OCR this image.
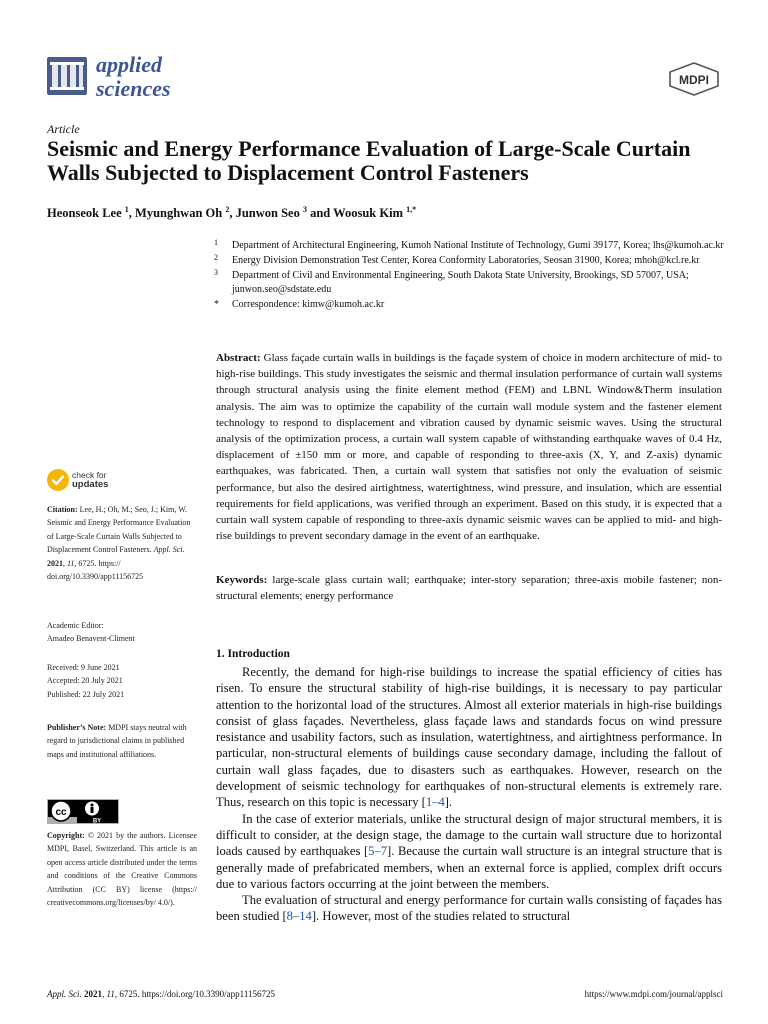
applied
sciences	MDPI
Article
Seismic and Energy Performance Evaluation of Large-Scale Curtain Walls Subjected to Displacement Control Fasteners
Heonseok Lee $^1$, Myunghwan Oh $^2$, Junwon Seo $^3$ and Woosuk Kim $^{1,*}$
1 Department of Architectural Engineering, Kumoh National Institute of Technology, Gumi 39177, Korea; lhs@kumoh.ac.kr
2 Energy Division Demonstration Test Center, Korea Conformity Laboratories, Seosan 31900, Korea; mhoh@kcl.re.kr
3 Department of Civil and Environmental Engineering, South Dakota State University, Brookings, SD 57007, USA; junwon.seo@sdstate.edu
* Correspondence: kimw@kumoh.ac.kr
Abstract: Glass façade curtain walls in buildings is the façade system of choice in modern architecture of mid- to high-rise buildings. This study investigates the seismic and thermal insulation performance of curtain wall systems through structural analysis using the finite element method (FEM) and LBNL Window&Therm insulation analysis. The aim was to optimize the capability of the curtain wall module system and the fastener element technology to respond to displacement and vibration caused by dynamic seismic waves. Using the structural analysis of the optimization process, a curtain wall system capable of withstanding earthquake waves of 0.4 Hz, displacement of ±150 mm or more, and capable of responding to three-axis (X, Y, and Z-axis) dynamic earthquakes, was fabricated. Then, a curtain wall system that satisfies not only the evaluation of seismic performance, but also the desired airtightness, watertightness, wind pressure, and insulation, which are essential requirements for field applications, was verified through an experiment. Based on this study, it is expected that a curtain wall system capable of responding to three-axis dynamic seismic waves can be applied to mid- and high-rise buildings to prevent secondary damage in the event of an earthquake.
Keywords: large-scale glass curtain wall; earthquake; inter-story separation; three-axis mobile fastener; non-structural elements; energy performance
check for
updates
Citation: Lee, H.; Oh, M.; Seo, J.; Kim, W. Seismic and Energy Performance Evaluation of Large-Scale Curtain Walls Subjected to Displacement Control Fasteners. Appl. Sci. 2021, 11, 6725. https:// doi.org/10.3390/app11156725
Academic Editor:
Amadeo Benavent-Climent
Received: 9 June 2021
Accepted: 20 July 2021
Published: 22 July 2021
Publisher’s Note: MDPI stays neutral with regard to jurisdictional claims in published maps and institutional affiliations.
cc
BY
Copyright: © 2021 by the authors. Licensee MDPI, Basel, Switzerland. This article is an open access article distributed under the terms and conditions of the Creative Commons Attribution (CC BY) license (https:// creativecommons.org/licenses/by/ 4.0/).
1. Introduction

Recently, the demand for high-rise buildings to increase the spatial efficiency of cities has risen. To ensure the structural stability of high-rise buildings, it is necessary to pay particular attention to the horizontal load of the structures. Almost all exterior materials in high-rise buildings consist of glass façades. Nevertheless, glass façade laws and standards focus on wind pressure resistance and usability factors, such as insulation, watertightness, and airtightness performance. In particular, non-structural elements of buildings cause secondary damage, including the fallout of curtain wall glass façades, due to disasters such as earthquakes. However, research on the development of seismic technology for earthquakes of non-structural elements is extremely rare. Thus, research on this topic is necessary [1–4].

In the case of exterior materials, unlike the structural design of major structural members, it is difficult to consider, at the design stage, the damage to the curtain wall structure due to horizontal loads caused by earthquakes [5–7]. Because the curtain wall structure is an integral structure that is generally made of prefabricated members, when an external force is applied, complex drift occurs due to various factors occurring at the joint between the members.

The evaluation of structural and energy performance for curtain walls consisting of façades has been studied [8–14]. However, most of the studies related to structural

Appl. Sci. 2021, 11, 6725. https://doi.org/10.3390/app11156725	https://www.mdpi.com/journal/applsci
